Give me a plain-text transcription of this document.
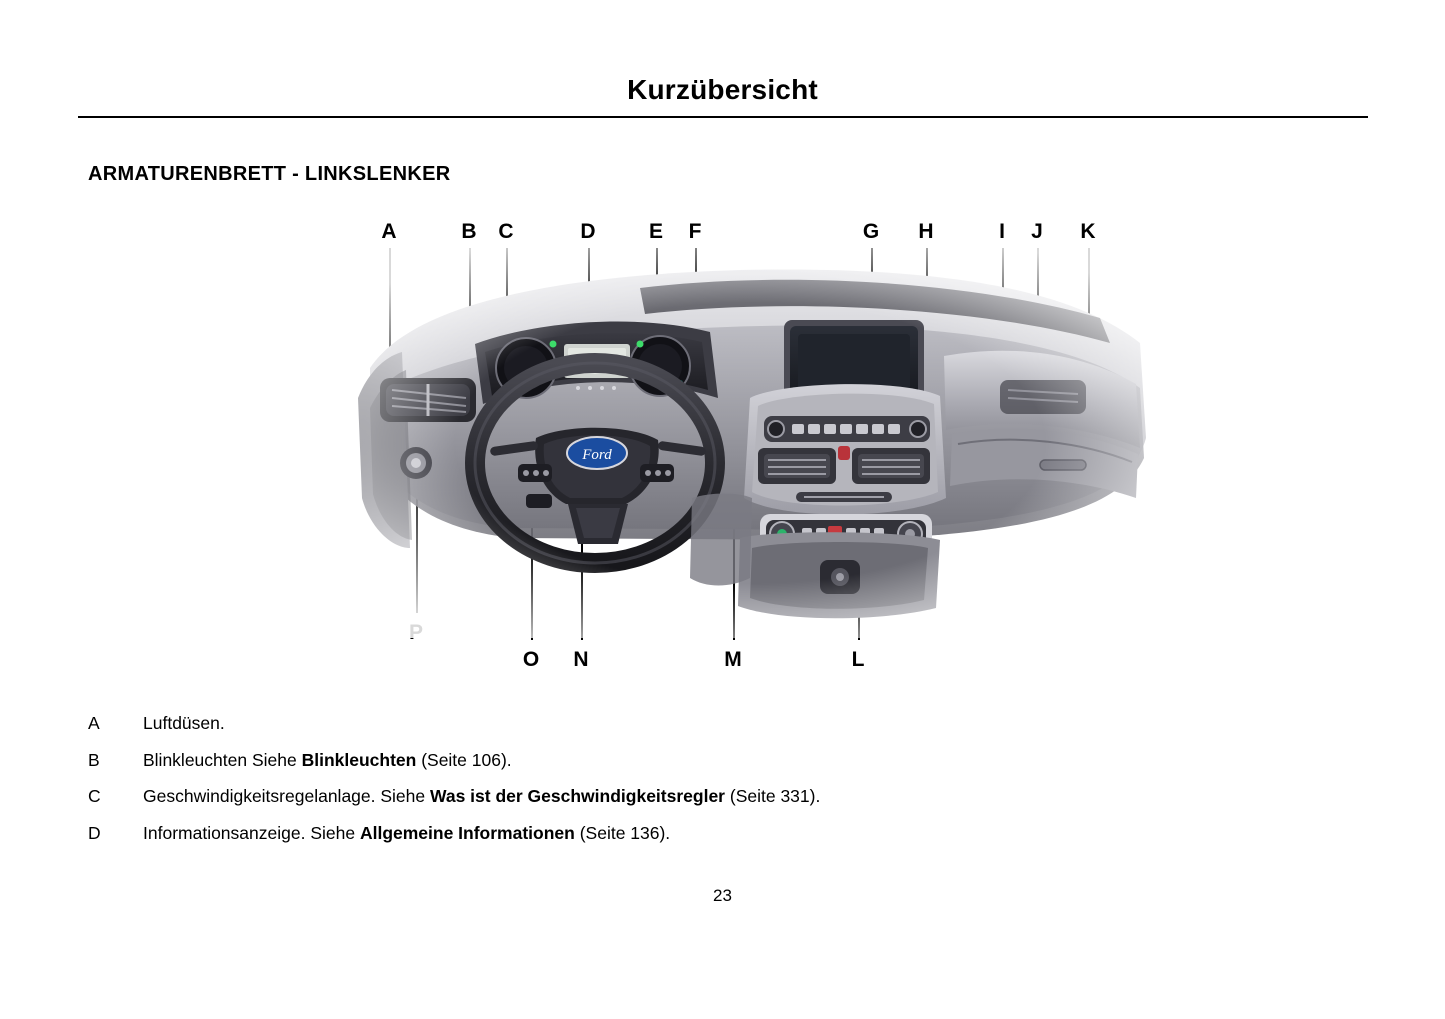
Kurzübersicht
ARMATURENBRETT - LINKSLENKER
A	B C	D	E	F	G H	I	J	K
O N	M	L
A	Luftdüsen.
B	Blinkleuchten Siehe Blinkleuchten (Seite 106).
C	Geschwindigkeitsregelanlage. Siehe Was ist der Geschwindigkeitsregler (Seite 331).
D	Informationsanzeige. Siehe Allgemeine Informationen (Seite 136).
23
